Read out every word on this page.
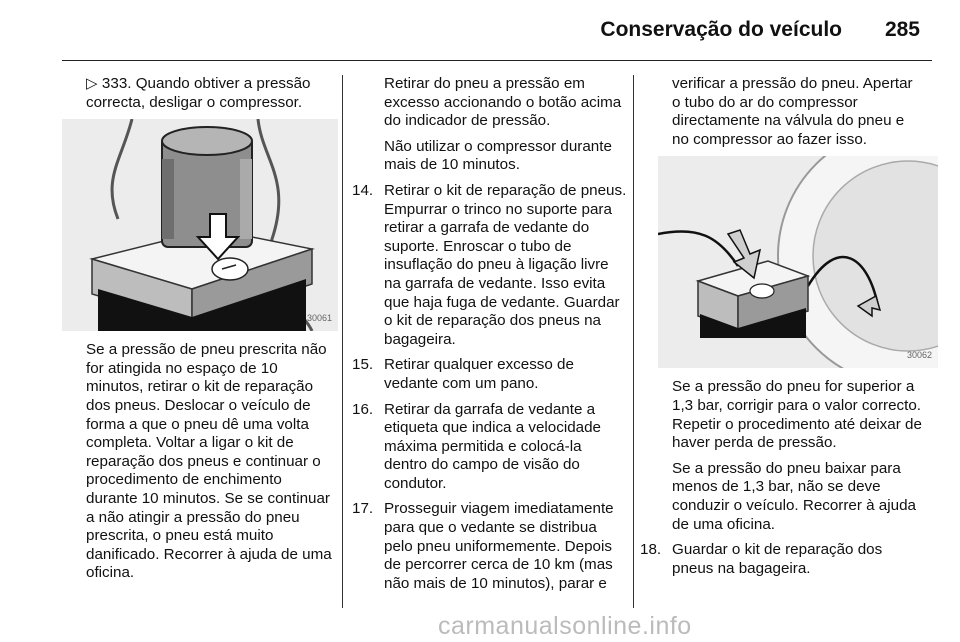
Conservação do veículo 285

▷ 333. Quando obtiver a pressão correcta, desligar o compressor.

30061

Se a pressão de pneu prescrita não for atingida no espaço de 10 minutos, retirar o kit de reparação dos pneus. Deslocar o veículo de forma a que o pneu dê uma volta completa. Voltar a ligar o kit de reparação dos pneus e continuar o procedimento de enchimento durante 10 minutos. Se se continuar a não atingir a pressão do pneu prescrita, o pneu está muito danificado. Recorrer à ajuda de uma oficina.

Retirar do pneu a pressão em excesso accionando o botão acima do indicador de pressão.

Não utilizar o compressor durante mais de 10 minutos.

14. Retirar o kit de reparação de pneus. Empurrar o trinco no suporte para retirar a garrafa de vedante do suporte. Enroscar o tubo de insuflação do pneu à ligação livre na garrafa de vedante. Isso evita que haja fuga de vedante. Guardar o kit de reparação dos pneus na bagageira.
15. Retirar qualquer excesso de vedante com um pano.
16. Retirar da garrafa de vedante a etiqueta que indica a velocidade máxima permitida e colocá-la dentro do campo de visão do condutor.
17. Prosseguir viagem imediatamente para que o vedante se distribua pelo pneu uniformemente. Depois de percorrer cerca de 10 km (mas não mais de 10 minutos), parar e

verificar a pressão do pneu. Apertar o tubo do ar do compressor directamente na válvula do pneu e no compressor ao fazer isso.

30062

Se a pressão do pneu for superior a 1,3 bar, corrigir para o valor correcto. Repetir o procedimento até deixar de haver perda de pressão.

Se a pressão do pneu baixar para menos de 1,3 bar, não se deve conduzir o veículo. Recorrer à ajuda de uma oficina.

18. Guardar o kit de reparação dos pneus na bagageira.
carmanualsonline.info
